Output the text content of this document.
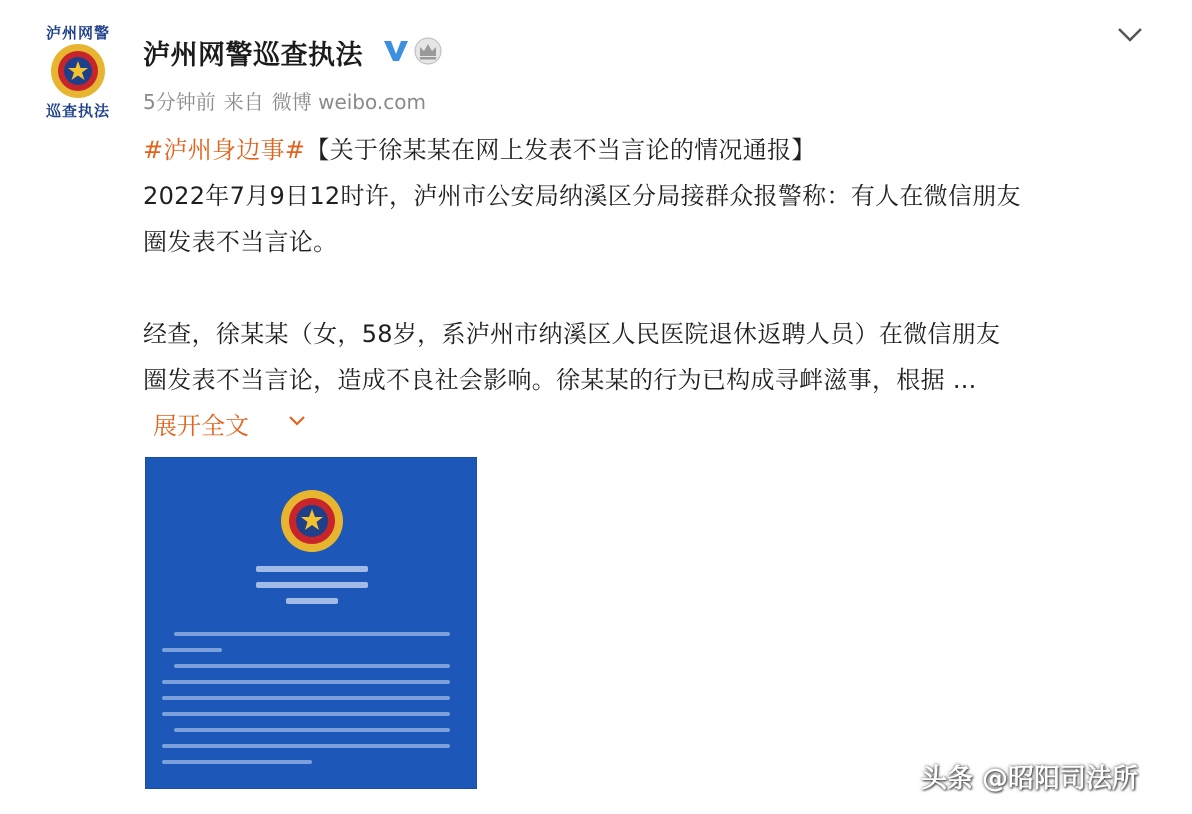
泸州网警
巡查执法
泸州网警巡查执法
5分钟前 来自 微博 weibo.com
#泸州身边事#【关于徐某某在网上发表不当言论的情况通报】
2022年7月9日12时许，泸州市公安局纳溪区分局接群众报警称：有人在微信朋友
圈发表不当言论。
经查，徐某某（女，58岁，系泸州市纳溪区人民医院退休返聘人员）在微信朋友
圈发表不当言论，造成不良社会影响。徐某某的行为已构成寻衅滋事，根据 ...
展开全文
头条 @昭阳司法所
